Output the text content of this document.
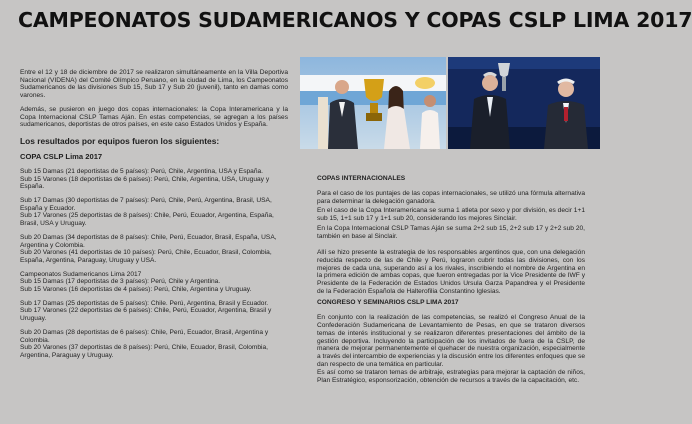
CAMPEONATOS SUDAMERICANOS Y COPAS CSLP LIMA 2017

Entre el 12 y 18 de diciembre de 2017 se realizaron simultáneamente en la Villa Deportiva Nacional (VIDENA) del Comité Olímpico Peruano, en la ciudad de Lima, los Campeonatos Sudamericanos de las divisiones Sub 15, Sub 17 y Sub 20 (juvenil), tanto en damas como varones.

Además, se pusieron en juego dos copas internacionales: la Copa Interamericana y la Copa Internacional CSLP Tamas Aján. En estas competencias, se agregan a los países sudamericanos, deportistas de otros países, en este caso Estados Unidos y España.

Los resultados por equipos fueron los siguientes:
COPA CSLP Lima 2017

Sub 15 Damas (21 deportistas de 5 países): Perú, Chile, Argentina, USA y España.
Sub 15 Varones (18 deportistas de 6 países): Perú, Chile, Argentina, USA, Uruguay y España.

Sub 17 Damas (30 deportistas de 7 países): Perú, Chile, Perú, Argentina, Brasil, USA, España y Ecuador.
Sub 17 Varones (25 deportistas de 8 países): Chile, Perú, Ecuador, Argentina, España, Brasil, USA y Uruguay.

Sub 20 Damas (34 deportistas de 8 países): Chile, Perú, Ecuador, Brasil, España, USA, Argentina y Colombia.
Sub 20 Varones (41 deportistas de 10 países): Perú, Chile, Ecuador, Brasil, Colombia, España, Argentina, Paraguay, Uruguay y USA.

Campeonatos Sudamericanos Lima 2017

Sub 15 Damas (17 deportistas de 3 países): Perú, Chile y Argentina.
Sub 15 Varones (16 deportistas de 4 países): Perú, Chile, Argentina y Uruguay.

Sub 17 Damas (25 deportistas de 5 países): Chile. Perú, Argentina, Brasil y Ecuador.
Sub 17 Varones (22 deportistas de 6 países): Chile, Perú, Ecuador, Argentina, Brasil y Uruguay.

Sub 20 Damas (28 deportistas de 6 países): Chile, Perú, Ecuador, Brasil, Argentina y Colombia.
Sub 20 Varones (37 deportistas de 8 países): Perú, Chile, Ecuador, Brasil, Colombia, Argentina, Paraguay y Uruguay.

COPAS INTERNACIONALES

Para el caso de los puntajes de las copas internacionales, se utilizó una fórmula alternativa para determinar la delegación ganadora.

En el caso de la Copa Interamericana se suma 1 atleta por sexo y por división, es decir 1+1 sub 15, 1+1 sub 17 y 1+1 sub 20, considerando los mejores Sinclair.

En la Copa Internacional CSLP Tamas Aján se suma 2+2 sub 15, 2+2 sub 17 y 2+2 sub 20, también en base al Sinclair.

Allí se hizo presente la estrategia de los responsables argentinos que, con una delegación reducida respecto de las de Chile y Perú, lograron cubrir todas las divisiones, con los mejores de cada una, superando así a los rivales, inscribiendo el nombre de Argentina en la primera edición de ambas copas, que fueron entregadas por la Vice Presidente de IWF y Presidente de la Federación de Estados Unidos Ursula Garza Papandrea y el Presidente de la Federación Española de Halterofilia Constantino Iglesias.

CONGRESO Y SEMINARIOS CSLP LIMA 2017

En conjunto con la realización de las competencias, se realizó el Congreso Anual de la Confederación Sudamericana de Levantamiento de Pesas, en que se trataron diversos temas de interés institucional y se realizaron diferentes presentaciones del ámbito de la gestión deportiva. Incluyendo la participación de los invitados de fuera de la CSLP, de manera de mejorar permanentemente el quehacer de nuestra organización, especialmente a través del intercambio de experiencias y la discusión entre los diferentes enfoques que se dan respecto de una temática en particular.

Es así como se trataron temas de arbitraje, estrategias para mejorar la captación de niños, Plan Estratégico, esponsorización, obtención de recursos a través de la capacitación, etc.
